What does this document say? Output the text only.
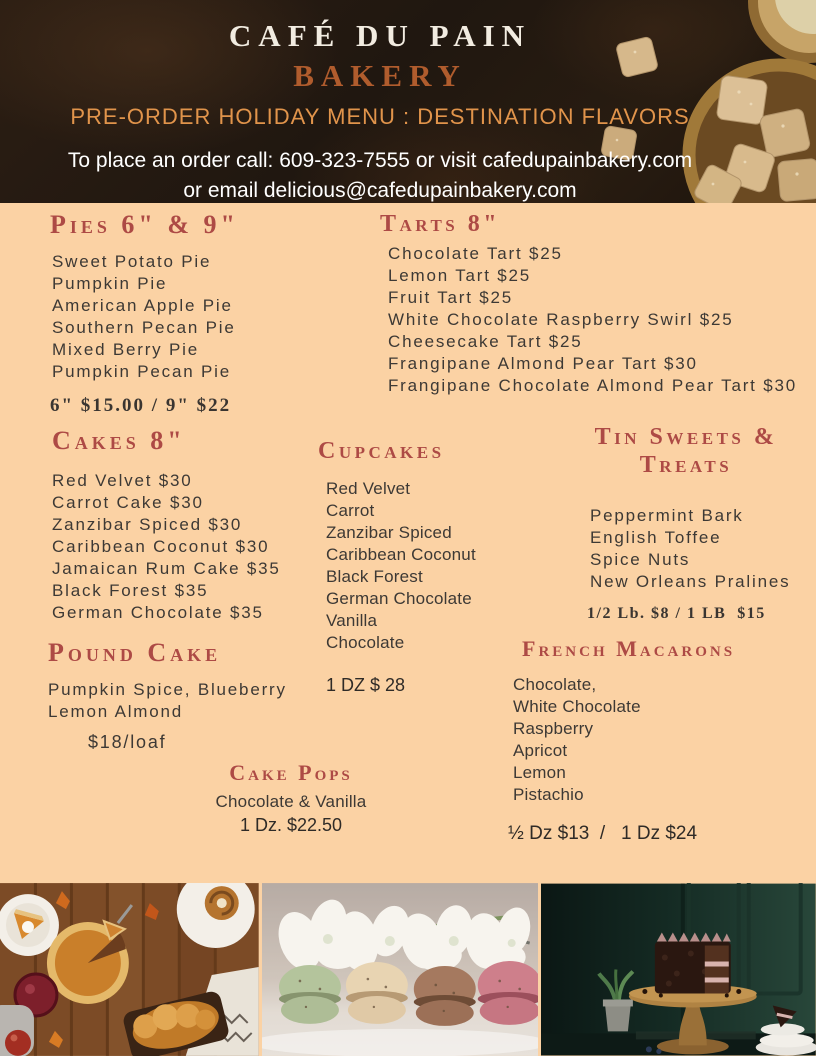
CAFÉ DU PAIN
BAKERY
PRE-ORDER HOLIDAY MENU : DESTINATION FLAVORS
To place an order call: 609-323-7555 or visit cafedupainbakery.com
or email delicious@cafedupainbakery.com
Pies 6" & 9"
Sweet Potato Pie
Pumpkin Pie
American Apple Pie
Southern Pecan Pie
Mixed Berry Pie
Pumpkin Pecan Pie
6" $15.00 / 9" $22
Tarts 8"
Chocolate Tart $25
Lemon Tart $25
Fruit Tart $25
White Chocolate Raspberry Swirl $25
Cheesecake Tart $25
Frangipane Almond Pear Tart $30
Frangipane Chocolate Almond Pear Tart $30
Cakes 8"
Red Velvet $30
Carrot Cake $30
Zanzibar Spiced $30
Caribbean Coconut $30
Jamaican Rum Cake $35
Black Forest $35
German Chocolate $35
Cupcakes
Red Velvet
Carrot
Zanzibar Spiced
Caribbean Coconut
Black Forest
German Chocolate
Vanilla
Chocolate
1 DZ $ 28
Tin Sweets &
Treats
Peppermint Bark
English Toffee
Spice Nuts
New Orleans Pralines
1/2 Lb. $8 / 1 LB  $15
Pound Cake
Pumpkin Spice, Blueberry
Lemon Almond
$18/loaf
French Macarons
Chocolate,
White Chocolate
Raspberry
Apricot
Lemon
Pistachio
½ Dz $13  /   1 Dz $24
Cake Pops
Chocolate & Vanilla
1 Dz. $22.50
